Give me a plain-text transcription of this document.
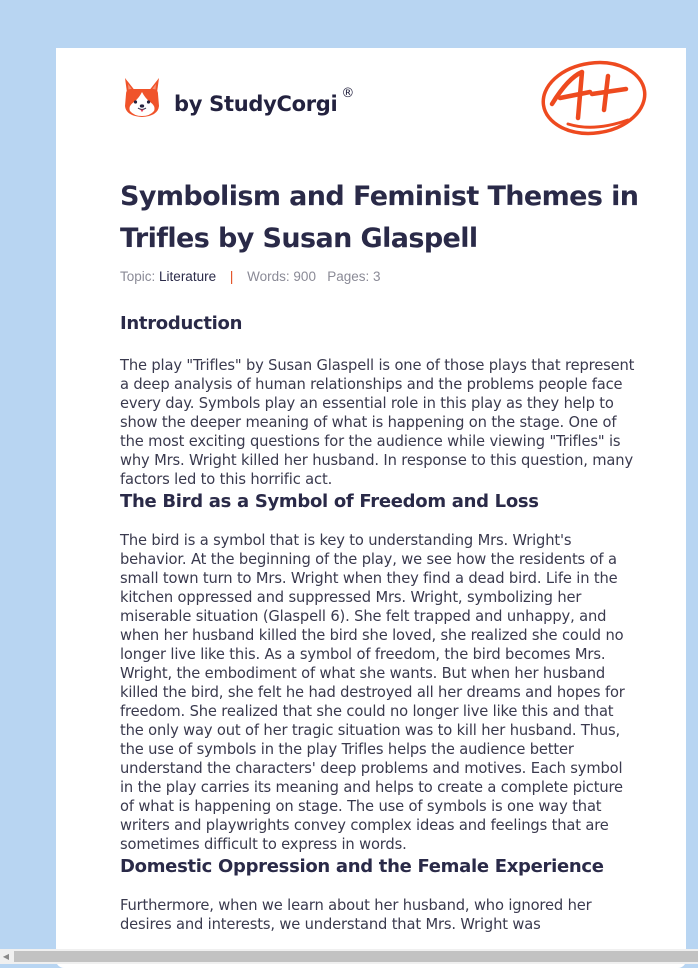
by StudyCorgi ®
Symbolism and Feminist Themes in Trifles by Susan Glaspell
Topic: Literature | Words: 900 Pages: 3
Introduction

The play "Trifles" by Susan Glaspell is one of those plays that represent a deep analysis of human relationships and the problems people face every day. Symbols play an essential role in this play as they help to show the deeper meaning of what is happening on the stage. One of the most exciting questions for the audience while viewing "Trifles" is why Mrs. Wright killed her husband. In response to this question, many factors led to this horrific act.

The Bird as a Symbol of Freedom and Loss

The bird is a symbol that is key to understanding Mrs. Wright's behavior. At the beginning of the play, we see how the residents of a small town turn to Mrs. Wright when they find a dead bird. Life in the kitchen oppressed and suppressed Mrs. Wright, symbolizing her miserable situation (Glaspell 6). She felt trapped and unhappy, and when her husband killed the bird she loved, she realized she could no longer live like this. As a symbol of freedom, the bird becomes Mrs. Wright, the embodiment of what she wants. But when her husband killed the bird, she felt he had destroyed all her dreams and hopes for freedom. She realized that she could no longer live like this and that the only way out of her tragic situation was to kill her husband. Thus, the use of symbols in the play Trifles helps the audience better understand the characters' deep problems and motives. Each symbol in the play carries its meaning and helps to create a complete picture of what is happening on stage. The use of symbols is one way that writers and playwrights convey complex ideas and feelings that are sometimes difficult to express in words.

Domestic Oppression and the Female Experience

Furthermore, when we learn about her husband, who ignored her desires and interests, we understand that Mrs. Wright was

◀
